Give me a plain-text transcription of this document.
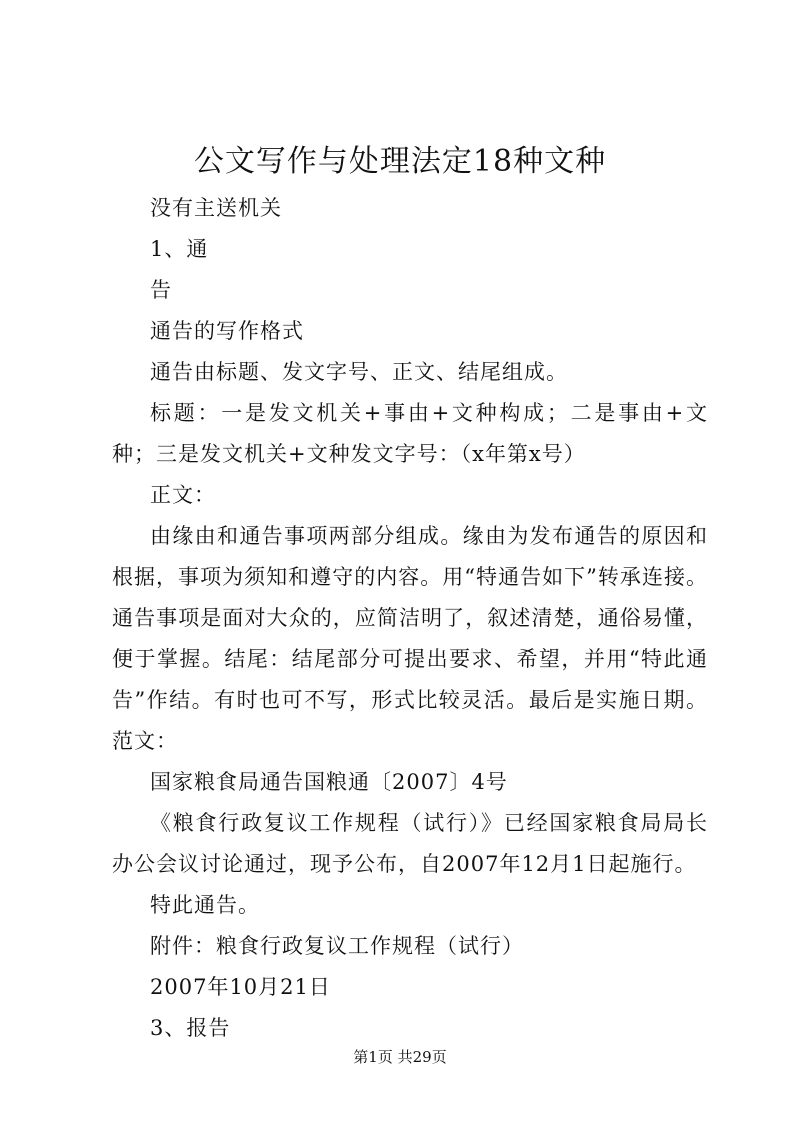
公文写作与处理法定18种文种

没有主送机关

1、通

告

通告的写作格式

通告由标题、发文字号、正文、结尾组成。

标题：一是发文机关+事由+文种构成；二是事由+文种；三是发文机关+文种发文字号：（x年第x号）

正文：

由缘由和通告事项两部分组成。缘由为发布通告的原因和根据，事项为须知和遵守的内容。用“特通告如下”转承连接。通告事项是面对大众的，应简洁明了，叙述清楚，通俗易懂，便于掌握。结尾：结尾部分可提出要求、希望，并用“特此通告”作结。有时也可不写，形式比较灵活。最后是实施日期。范文：

国家粮食局通告国粮通〔2007〕4号

《粮食行政复议工作规程（试行）》已经国家粮食局局长办公会议讨论通过，现予公布，自2007年12月1日起施行。

特此通告。

附件：粮食行政复议工作规程（试行）

2007年10月21日

3、报告

第1页 共29页
